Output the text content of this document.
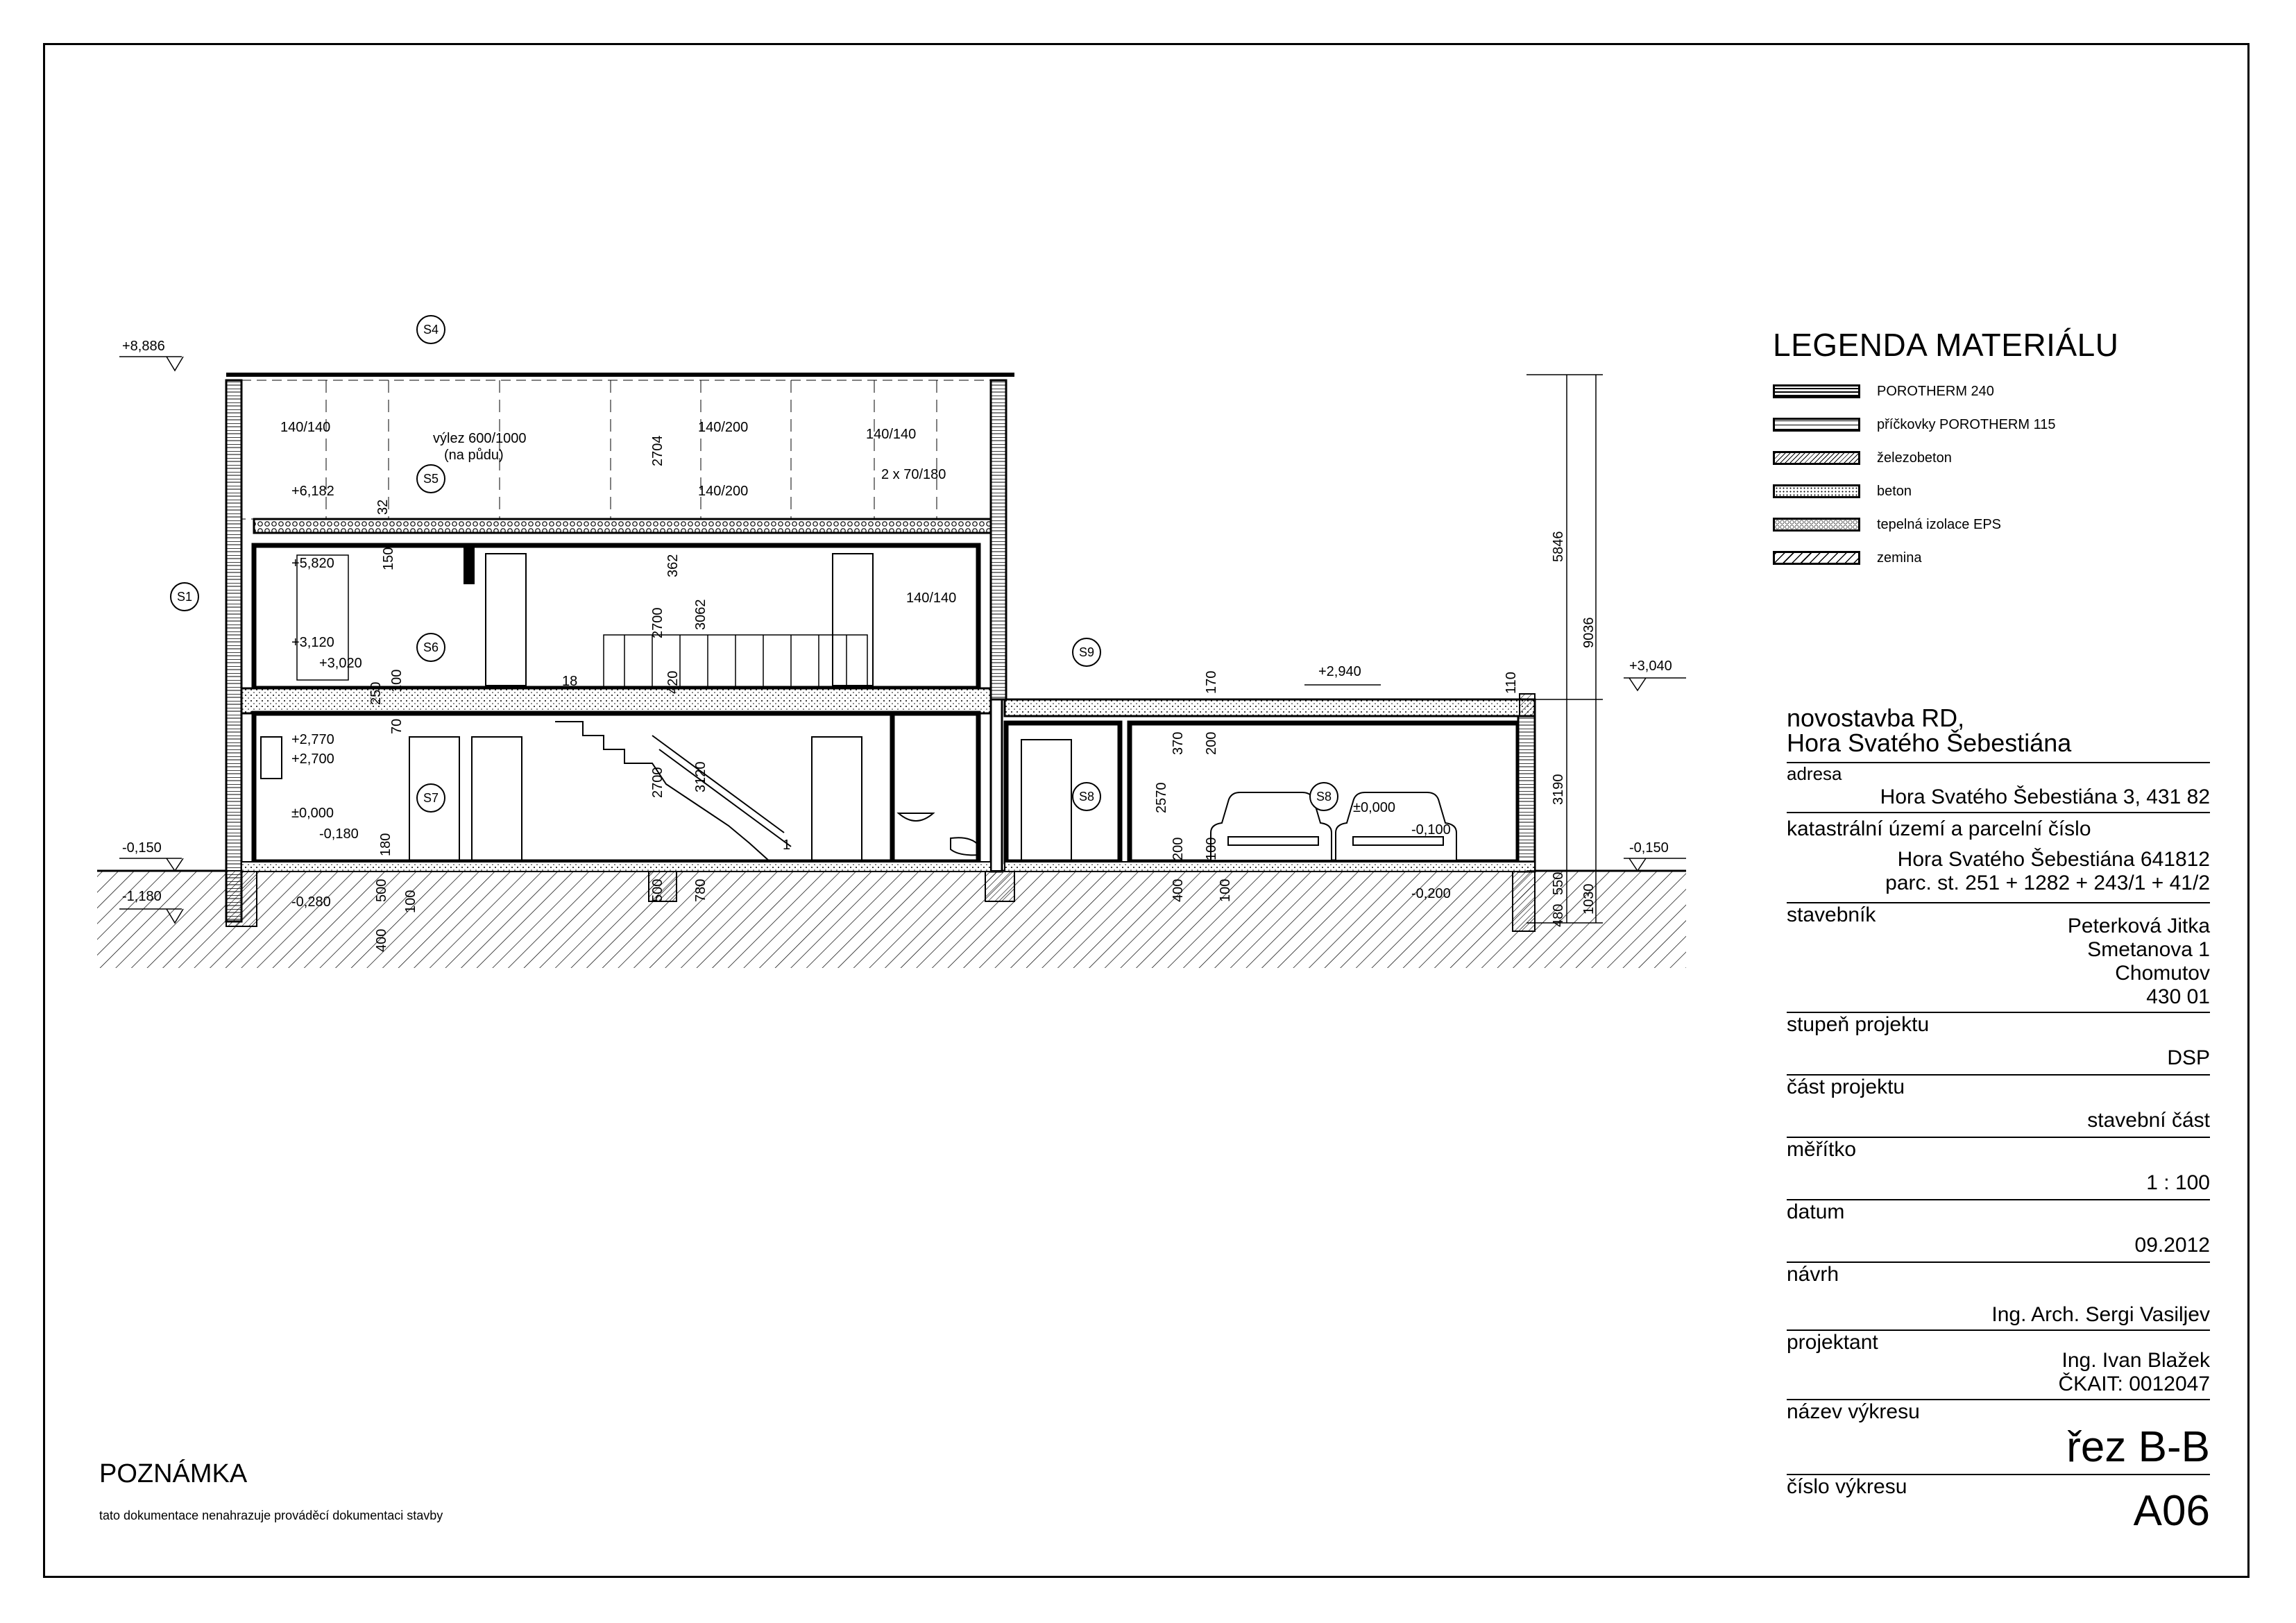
+8,886
+6,182
+5,820
+3,120
+3,020
+2,770
+2,700
±0,000
-0,180
-0,150
-1,180	-0,280
+2,940	+3,040
±0,000
-0,100
-0,200
-0,150
S4
S5
S1
S6
S7
S9
S8	S8
140/140	140/200	140/140
140/200
2 x 70/180
140/140
výlez 600/1000
(na půdu)
18
1
32
150
2704
362
3062
2700
420
100
250
70
2700 3120
180
500 100
400
500 780
170
370 200
2570
200
400
100
100
110
5846
9036
3190
480
550
1030
LEGENDA MATERIÁLU
POROTHERM 240
příčkovky POROTHERM 115
železobeton
beton
tepelná izolace EPS
zemina
novostavba RD,
Hora Svatého Šebestiána
adresa
Hora Svatého Šebestiána 3, 431 82
katastrální území a parcelní číslo
Hora Svatého Šebestiána 641812
parc. st. 251 + 1282 + 243/1 + 41/2
stavebník	Peterková Jitka
Smetanova 1
Chomutov
430 01
stupeň projektu
DSP
část projektu
stavební část
měřítko
1 : 100
datum
09.2012
návrh
Ing. Arch. Sergi Vasiljev
projektant
Ing. Ivan Blažek
ČKAIT: 0012047
název výkresu
řez B-B
číslo výkresu
A06
POZNÁMKA
tato dokumentace nenahrazuje prováděcí dokumentaci stavby
